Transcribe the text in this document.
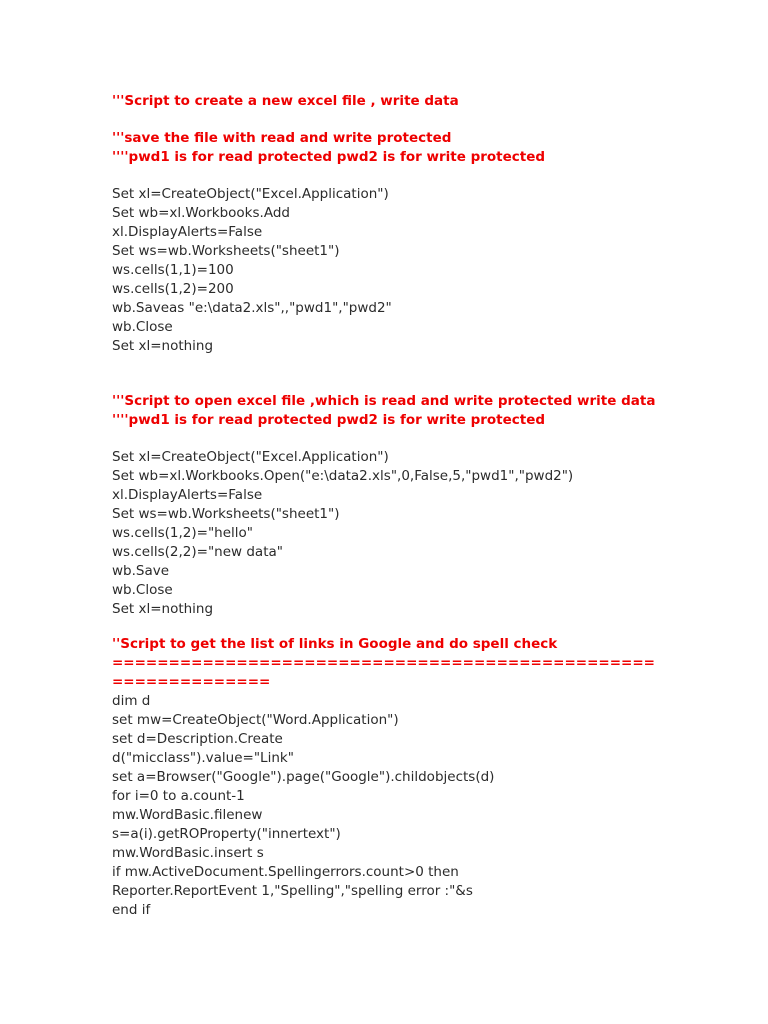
'''Script to create a new excel file , write data
'''save the file with read and write protected
''''pwd1 is for read protected pwd2 is for write protected
Set xl=CreateObject("Excel.Application")
Set wb=xl.Workbooks.Add
xl.DisplayAlerts=False
Set ws=wb.Worksheets("sheet1")
ws.cells(1,1)=100
ws.cells(1,2)=200
wb.Saveas "e:\data2.xls",,"pwd1","pwd2"
wb.Close
Set xl=nothing
'''Script to open excel file ,which is read and write protected write data
''''pwd1 is for read protected pwd2 is for write protected
Set xl=CreateObject("Excel.Application")
Set wb=xl.Workbooks.Open("e:\data2.xls",0,False,5,"pwd1","pwd2")
xl.DisplayAlerts=False
Set ws=wb.Worksheets("sheet1")
ws.cells(1,2)="hello"
ws.cells(2,2)="new data"
wb.Save
wb.Close
Set xl=nothing
''Script to get the list of links in Google and do spell check
================================================
==============
dim d
set mw=CreateObject("Word.Application")
set d=Description.Create
d("micclass").value="Link"
set a=Browser("Google").page("Google").childobjects(d)
for i=0 to a.count-1
mw.WordBasic.filenew
s=a(i).getROProperty("innertext")
mw.WordBasic.insert s
if mw.ActiveDocument.Spellingerrors.count>0 then
Reporter.ReportEvent 1,"Spelling","spelling error :"&s
end if
